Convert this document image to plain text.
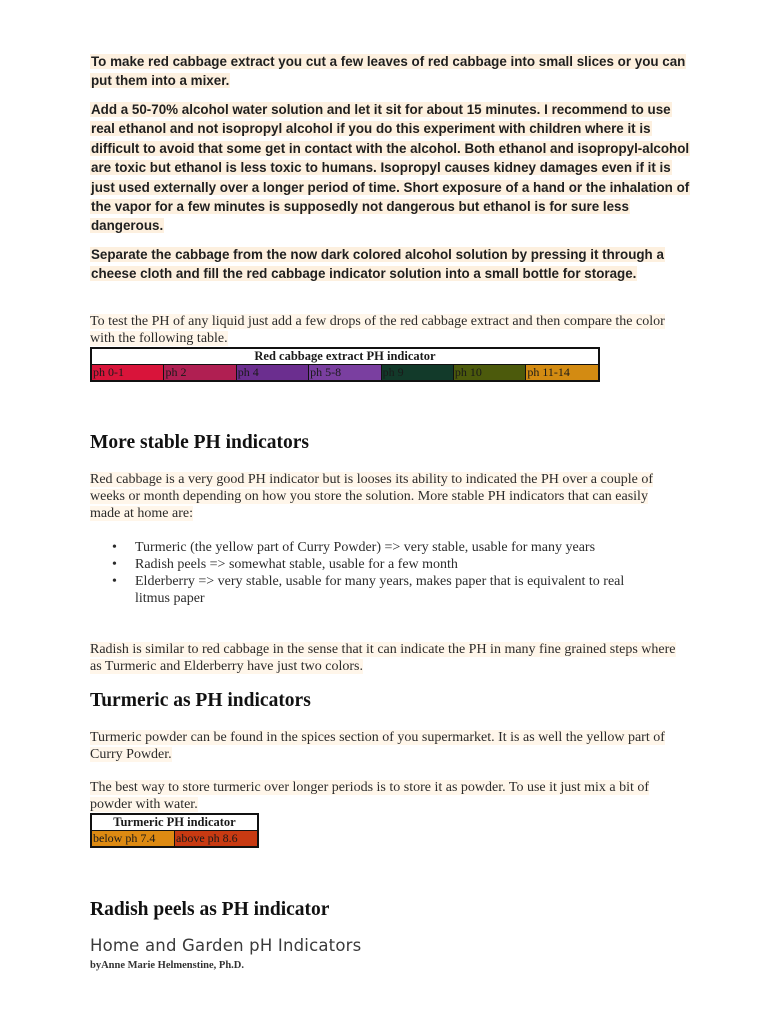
To make red cabbage extract you cut a few leaves of red cabbage into small slices or you can put them into a mixer.

Add a 50-70% alcohol water solution and let it sit for about 15 minutes. I recommend to use real ethanol and not isopropyl alcohol if you do this experiment with children where it is difficult to avoid that some get in contact with the alcohol. Both ethanol and isopropyl-alcohol are toxic but ethanol is less toxic to humans. Isopropyl causes kidney damages even if it is just used externally over a longer period of time. Short exposure of a hand or the inhalation of the vapor for a few minutes is supposedly not dangerous but ethanol is for sure less dangerous.

Separate the cabbage from the now dark colored alcohol solution by pressing it through a cheese cloth and fill the red cabbage indicator solution into a small bottle for storage.

To test the PH of any liquid just add a few drops of the red cabbage extract and then compare the color with the following table.

Red cabbage extract PH indicator
ph 0-1	ph 2	ph 4	ph 5-8	ph 9	ph 10	ph 11-14
More stable PH indicators

Red cabbage is a very good PH indicator but is looses its ability to indicated the PH over a couple of weeks or month depending on how you store the solution. More stable PH indicators that can easily made at home are:

• Turmeric (the yellow part of Curry Powder) => very stable, usable for many years
• Radish peels => somewhat stable, usable for a few month
• Elderberry => very stable, usable for many years, makes paper that is equivalent to real litmus paper

Radish is similar to red cabbage in the sense that it can indicate the PH in many fine grained steps where as Turmeric and Elderberry have just two colors.

Turmeric as PH indicators

Turmeric powder can be found in the spices section of you supermarket. It is as well the yellow part of Curry Powder.

The best way to store turmeric over longer periods is to store it as powder. To use it just mix a bit of powder with water.

Turmeric PH indicator
below ph 7.4	above ph 8.6
Radish peels as PH indicator
Home and Garden pH Indicators
byAnne Marie Helmenstine, Ph.D.
